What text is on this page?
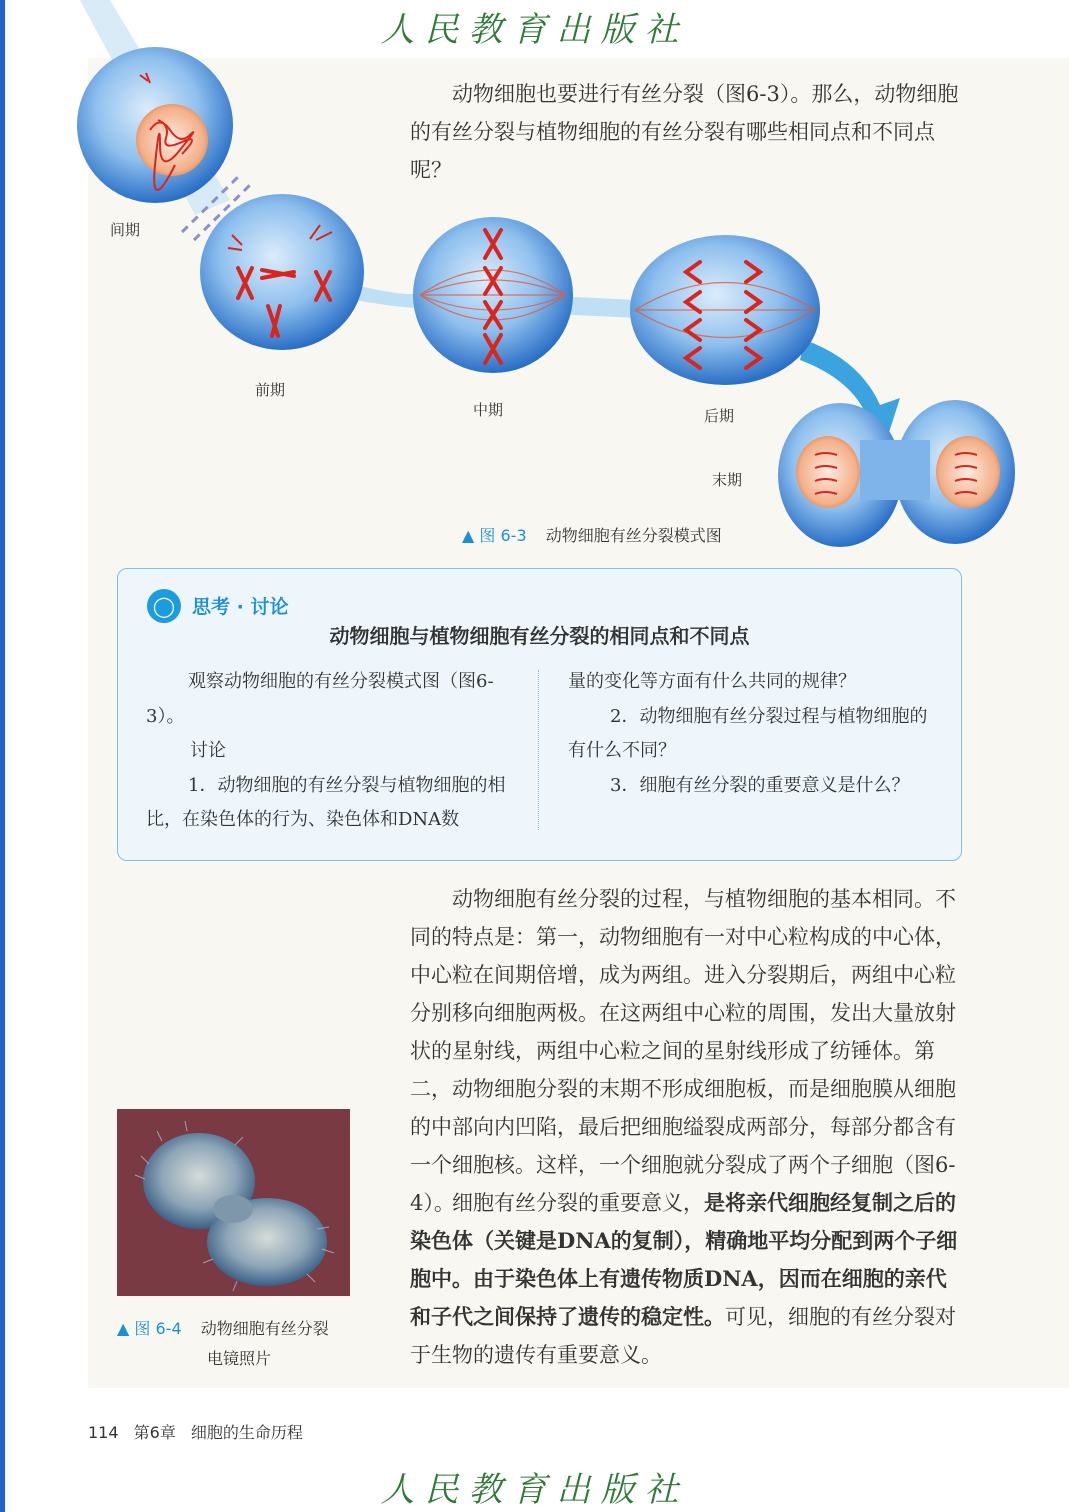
人民教育出版社
间期
前期
中期	后期
末期

动物细胞也要进行有丝分裂（图6-3）。那么，动物细胞的有丝分裂与植物细胞的有丝分裂有哪些相同点和不同点呢？

▲ 图 6-3 动物细胞有丝分裂模式图
◯ 思考 · 讨论
动物细胞与植物细胞有丝分裂的相同点和不同点

观察动物细胞的有丝分裂模式图（图6-3）。

讨论

1．动物细胞的有丝分裂与植物细胞的相比，在染色体的行为、染色体和DNA数

量的变化等方面有什么共同的规律？

2．动物细胞有丝分裂过程与植物细胞的有什么不同？

3．细胞有丝分裂的重要意义是什么？

动物细胞有丝分裂的过程，与植物细胞的基本相同。不同的特点是：第一，动物细胞有一对中心粒构成的中心体，中心粒在间期倍增，成为两组。进入分裂期后，两组中心粒分别移向细胞两极。在这两组中心粒的周围，发出大量放射状的星射线，两组中心粒之间的星射线形成了纺锤体。第二，动物细胞分裂的末期不形成细胞板，而是细胞膜从细胞的中部向内凹陷，最后把细胞缢裂成两部分，每部分都含有一个细胞核。这样，一个细胞就分裂成了两个子细胞（图6-4）。

细胞有丝分裂的重要意义，是将亲代细胞经复制之后的染色体（关键是DNA的复制），精确地平均分配到两个子细胞中。由于染色体上有遗传物质DNA，因而在细胞的亲代和子代之间保持了遗传的稳定性。可见，细胞的有丝分裂对于生物的遗传有重要意义。

▲ 图 6-4 动物细胞有丝分裂
电镜照片
114 第6章 细胞的生命历程
人民教育出版社
